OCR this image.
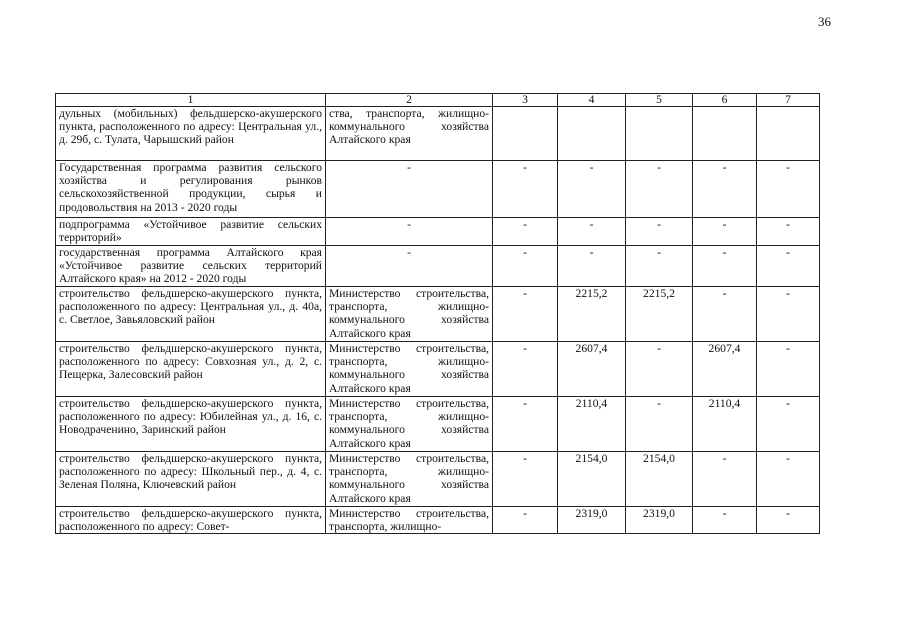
36
1	2	3	4	5	6	7
дульных (мобильных) фельдшерско-акушерского пункта, расположенного по адресу: Центральная ул., д. 29б, с. Тулата, Чарышский район	ства, транспорта, жилищно-коммунального хозяйства Алтайского края					
Государственная программа развития сельского хозяйства и регулирования рынков сельскохозяйственной продукции, сырья и продовольствия на 2013 - 2020 годы	-	-	-	-	-	-
подпрограмма «Устойчивое развитие сельских территорий»	-	-	-	-	-	-
государственная программа Алтайского края «Устойчивое развитие сельских территорий Алтайского края» на 2012 - 2020 годы	-	-	-	-	-	-
строительство фельдшерско-акушерского пункта, расположенного по адресу: Центральная ул., д. 40а, с. Светлое, Завьяловский район	Министерство строительства, транспорта, жилищно-коммунального хозяйства Алтайского края	-	2215,2	2215,2	-	-
строительство фельдшерско-акушерского пункта, расположенного по адресу: Совхозная ул., д. 2, с. Пещерка, Залесовский район	Министерство строительства, транспорта, жилищно-коммунального хозяйства Алтайского края	-	2607,4	-	2607,4	-
строительство фельдшерско-акушерского пункта, расположенного по адресу: Юбилейная ул., д. 16, с. Новодраченино, Заринский район	Министерство строительства, транспорта, жилищно-коммунального хозяйства Алтайского края	-	2110,4	-	2110,4	-
строительство фельдшерско-акушерского пункта, расположенного по адресу: Школьный пер., д. 4, с. Зеленая Поляна, Ключевский район	Министерство строительства, транспорта, жилищно-коммунального хозяйства Алтайского края	-	2154,0	2154,0	-	-
строительство фельдшерско-акушерского пункта, расположенного по адресу: Совет-	Министерство строительства, транспорта, жилищно-	-	2319,0	2319,0	-	-
